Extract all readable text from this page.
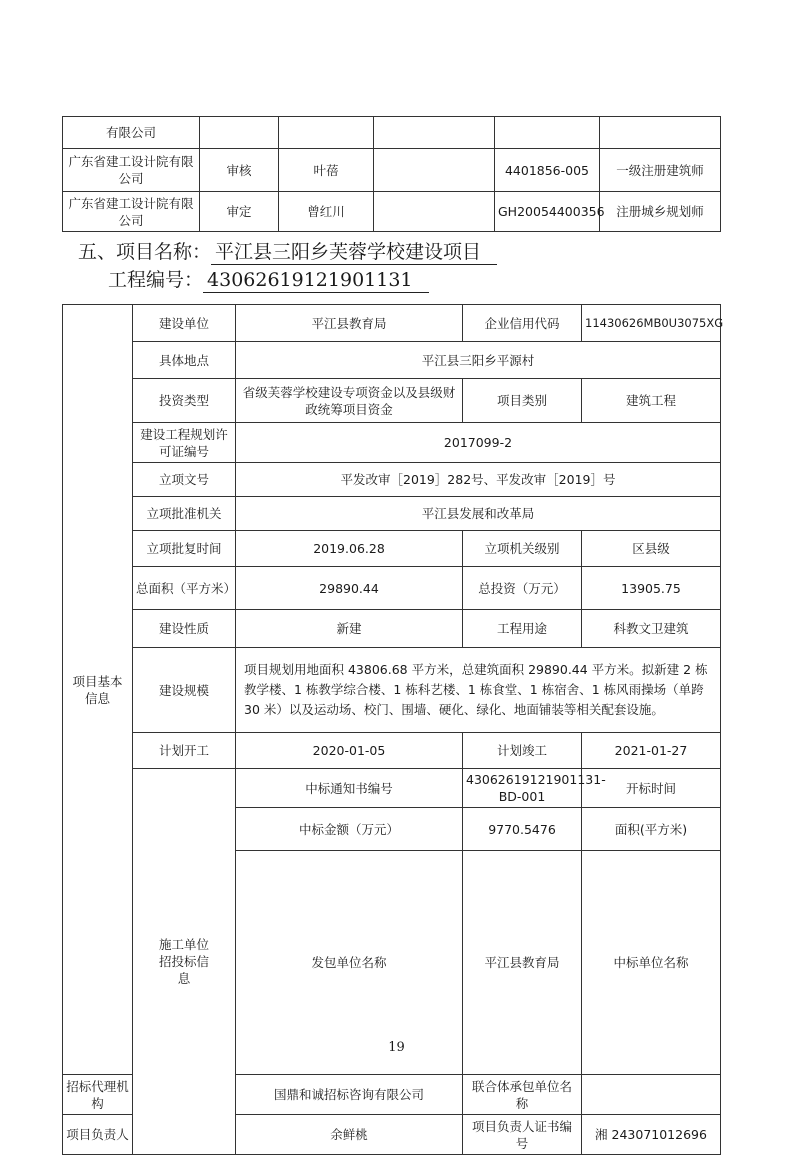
有限公司					
广东省建工设计院有限公司	审核	叶蓓		4401856-005	一级注册建筑师
广东省建工设计院有限公司	审定	曾红川		GH20054400356	注册城乡规划师
五、项目名称： 平江县三阳乡芙蓉学校建设项目
工程编号： 43062619121901131
项目基本信息	建设单位	平江县教育局	企业信用代码	11430626MB0U3075XG	
	具体地点	平江县三阳乡平源村			
	投资类型	省级芙蓉学校建设专项资金以及县级财政统筹项目资金	项目类别	建筑工程	
	建设工程规划许可证编号	2017099-2			
	立项文号	平发改审［2019］282号、平发改审［2019］号			
	立项批准机关	平江县发展和改革局			
	立项批复时间	2019.06.28	立项机关级别	区县级	
	总面积（平方米）	29890.44	总投资（万元）	13905.75	
	建设性质	新建	工程用途	科教文卫建筑	
	建设规模	项目规划用地面积 43806.68 平方米，总建筑面积 29890.44 平方米。拟新建 2 栋教学楼、1 栋教学综合楼、1 栋科艺楼、1 栋食堂、1 栋宿舍、1 栋风雨操场（单跨 30 米）以及运动场、校门、围墙、硬化、绿化、地面铺装等相关配套设施。			
	计划开工	2020-01-05	计划竣工	2021-01-27	

	施工单位招投标信息	中标通知书编号	43062619121901131-BD-001	开标时间	
		中标金额（万元）	9770.5476	面积(平方米)	
		发包单位名称	平江县教育局	中标单位名称	
招标代理机构		国鼎和诚招标咨询有限公司	联合体承包单位名称		
项目负责人		余鲜桃	项目负责人证书编号	湘 243071012696	
19
